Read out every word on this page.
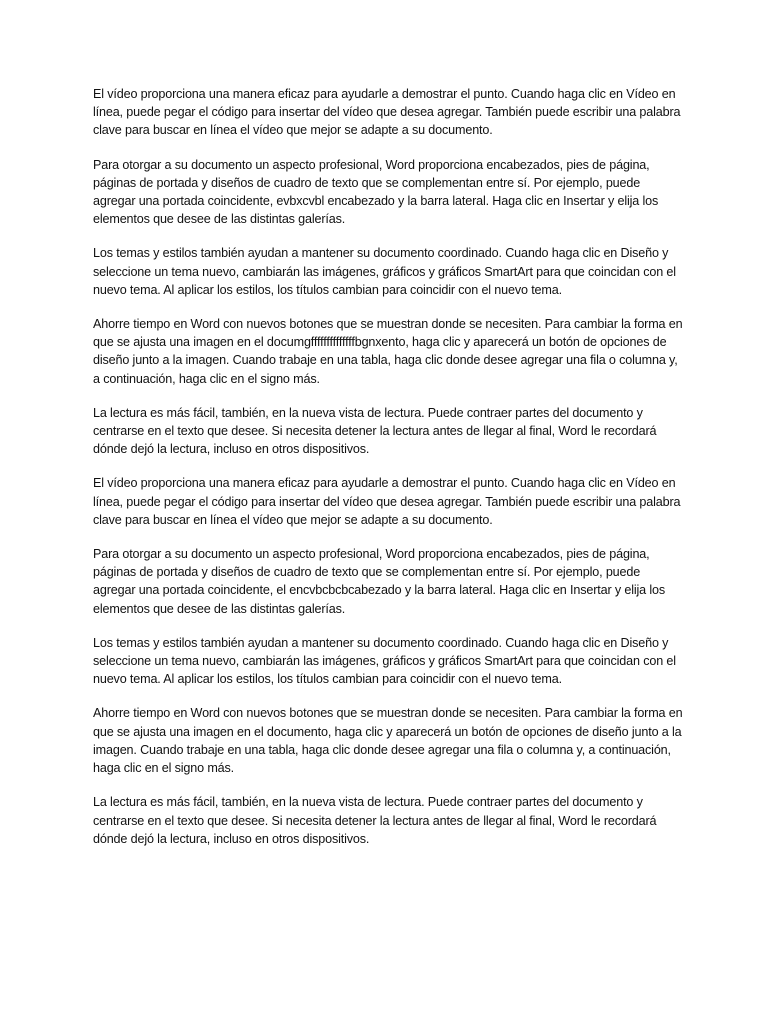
El vídeo proporciona una manera eficaz para ayudarle a demostrar el punto. Cuando haga clic en Vídeo en línea, puede pegar el código para insertar del vídeo que desea agregar. También puede escribir una palabra clave para buscar en línea el vídeo que mejor se adapte a su documento.

Para otorgar a su documento un aspecto profesional, Word proporciona encabezados, pies de página, páginas de portada y diseños de cuadro de texto que se complementan entre sí. Por ejemplo, puede agregar una portada coincidente, evbxcvbl encabezado y la barra lateral. Haga clic en Insertar y elija los elementos que desee de las distintas galerías.

Los temas y estilos también ayudan a mantener su documento coordinado. Cuando haga clic en Diseño y seleccione un tema nuevo, cambiarán las imágenes, gráficos y gráficos SmartArt para que coincidan con el nuevo tema. Al aplicar los estilos, los títulos cambian para coincidir con el nuevo tema.

Ahorre tiempo en Word con nuevos botones que se muestran donde se necesiten. Para cambiar la forma en que se ajusta una imagen en el documgffffffffffffffbgnxento, haga clic y aparecerá un botón de opciones de diseño junto a la imagen. Cuando trabaje en una tabla, haga clic donde desee agregar una fila o columna y, a continuación, haga clic en el signo más.

La lectura es más fácil, también, en la nueva vista de lectura. Puede contraer partes del documento y centrarse en el texto que desee. Si necesita detener la lectura antes de llegar al final, Word le recordará dónde dejó la lectura, incluso en otros dispositivos.

El vídeo proporciona una manera eficaz para ayudarle a demostrar el punto. Cuando haga clic en Vídeo en línea, puede pegar el código para insertar del vídeo que desea agregar. También puede escribir una palabra clave para buscar en línea el vídeo que mejor se adapte a su documento.

Para otorgar a su documento un aspecto profesional, Word proporciona encabezados, pies de página, páginas de portada y diseños de cuadro de texto que se complementan entre sí. Por ejemplo, puede agregar una portada coincidente, el encvbcbcbcabezado y la barra lateral. Haga clic en Insertar y elija los elementos que desee de las distintas galerías.

Los temas y estilos también ayudan a mantener su documento coordinado. Cuando haga clic en Diseño y seleccione un tema nuevo, cambiarán las imágenes, gráficos y gráficos SmartArt para que coincidan con el nuevo tema. Al aplicar los estilos, los títulos cambian para coincidir con el nuevo tema.

Ahorre tiempo en Word con nuevos botones que se muestran donde se necesiten. Para cambiar la forma en que se ajusta una imagen en el documento, haga clic y aparecerá un botón de opciones de diseño junto a la imagen. Cuando trabaje en una tabla, haga clic donde desee agregar una fila o columna y, a continuación, haga clic en el signo más.

La lectura es más fácil, también, en la nueva vista de lectura. Puede contraer partes del documento y centrarse en el texto que desee. Si necesita detener la lectura antes de llegar al final, Word le recordará dónde dejó la lectura, incluso en otros dispositivos.
